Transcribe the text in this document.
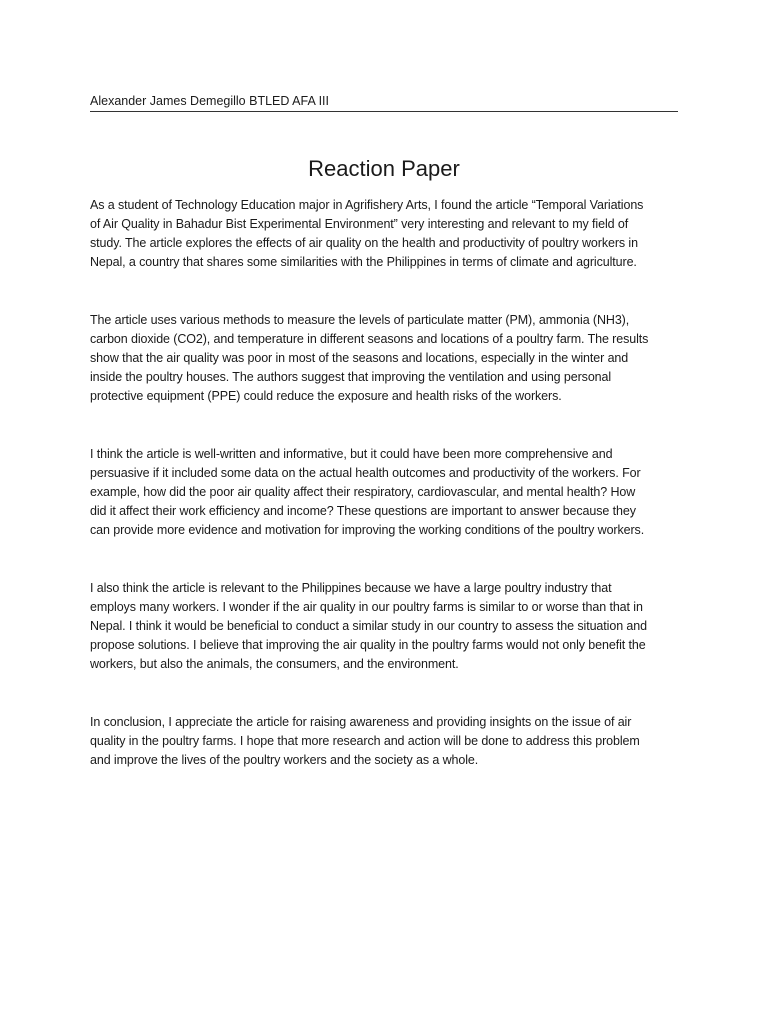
Alexander James Demegillo BTLED AFA III
Reaction Paper

As a student of Technology Education major in Agrifishery Arts, I found the article “Temporal Variations
of Air Quality in Bahadur Bist Experimental Environment” very interesting and relevant to my field of
study. The article explores the effects of air quality on the health and productivity of poultry workers in
Nepal, a country that shares some similarities with the Philippines in terms of climate and agriculture.

The article uses various methods to measure the levels of particulate matter (PM), ammonia (NH3),
carbon dioxide (CO2), and temperature in different seasons and locations of a poultry farm. The results
show that the air quality was poor in most of the seasons and locations, especially in the winter and
inside the poultry houses. The authors suggest that improving the ventilation and using personal
protective equipment (PPE) could reduce the exposure and health risks of the workers.

I think the article is well-written and informative, but it could have been more comprehensive and
persuasive if it included some data on the actual health outcomes and productivity of the workers. For
example, how did the poor air quality affect their respiratory, cardiovascular, and mental health? How
did it affect their work efficiency and income? These questions are important to answer because they
can provide more evidence and motivation for improving the working conditions of the poultry workers.

I also think the article is relevant to the Philippines because we have a large poultry industry that
employs many workers. I wonder if the air quality in our poultry farms is similar to or worse than that in
Nepal. I think it would be beneficial to conduct a similar study in our country to assess the situation and
propose solutions. I believe that improving the air quality in the poultry farms would not only benefit the
workers, but also the animals, the consumers, and the environment.

In conclusion, I appreciate the article for raising awareness and providing insights on the issue of air
quality in the poultry farms. I hope that more research and action will be done to address this problem
and improve the lives of the poultry workers and the society as a whole.
